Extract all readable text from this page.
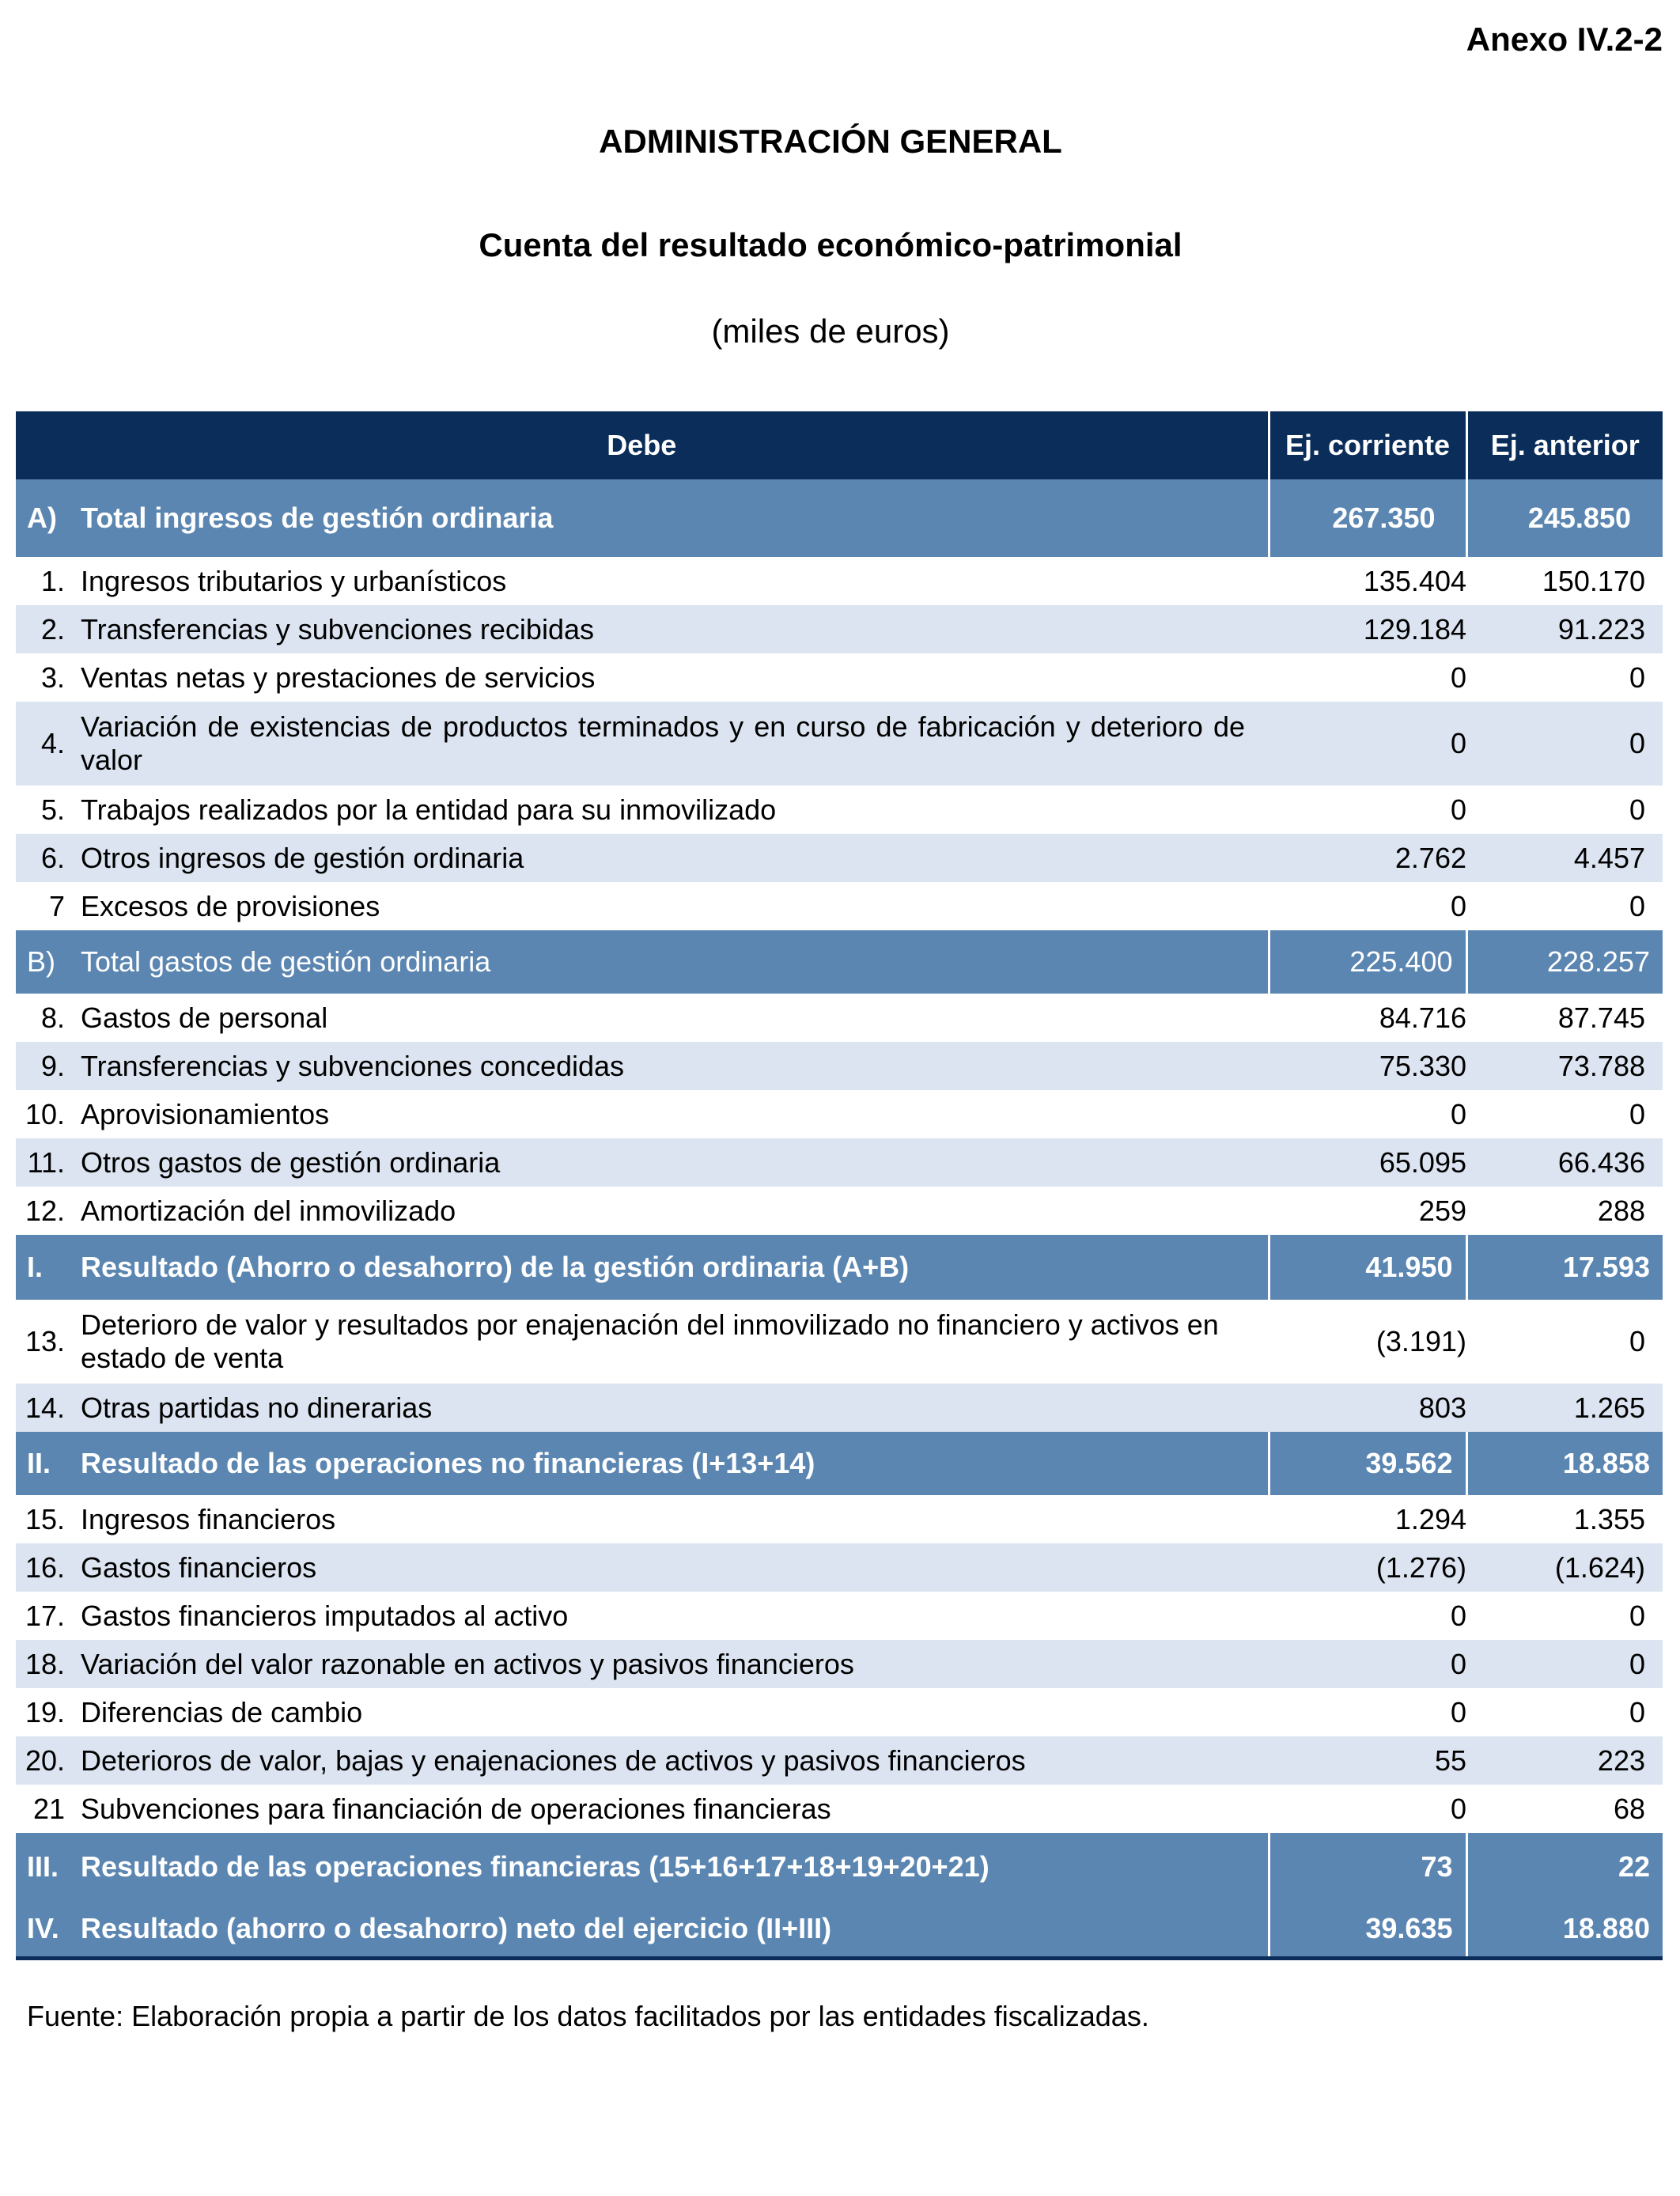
Anexo IV.2-2
ADMINISTRACIÓN GENERAL
Cuenta del resultado económico-patrimonial
(miles de euros)
Debe		Ej. corriente	Ej. anterior
A)	Total ingresos de gestión ordinaria	267.350	245.850
1.	Ingresos tributarios y urbanísticos	135.404	150.170
2.	Transferencias y subvenciones recibidas	129.184	91.223
3.	Ventas netas y prestaciones de servicios	0	0
4.	Variación de existencias de productos terminados y en curso de fabricación y deterioro de valor	0	0
5.	Trabajos realizados por la entidad para su inmovilizado	0	0
6.	Otros ingresos de gestión ordinaria	2.762	4.457
7	Excesos de provisiones	0	0
B)	Total gastos de gestión ordinaria	225.400	228.257
8.	Gastos de personal	84.716	87.745
9.	Transferencias y subvenciones concedidas	75.330	73.788
10.	Aprovisionamientos	0	0
11.	Otros gastos de gestión ordinaria	65.095	66.436
12.	Amortización del inmovilizado	259	288
I.	Resultado (Ahorro o desahorro) de la gestión ordinaria (A+B)	41.950	17.593
13.	Deterioro de valor y resultados por enajenación del inmovilizado no financiero y activos en estado de venta	(3.191)	0
14.	Otras partidas no dinerarias	803	1.265
II.	Resultado de las operaciones no financieras (I+13+14)	39.562	18.858
15.	Ingresos financieros	1.294	1.355
16.	Gastos financieros	(1.276)	(1.624)
17.	Gastos financieros imputados al activo	0	0
18.	Variación del valor razonable en activos y pasivos financieros	0	0
19.	Diferencias de cambio	0	0
20.	Deterioros de valor, bajas y enajenaciones de activos y pasivos financieros	55	223
21	Subvenciones para financiación de operaciones financieras	0	68
III.	Resultado de las operaciones financieras (15+16+17+18+19+20+21)	73	22
IV.	Resultado (ahorro o desahorro) neto del ejercicio (II+III)	39.635	18.880
Fuente: Elaboración propia a partir de los datos facilitados por las entidades fiscalizadas.
